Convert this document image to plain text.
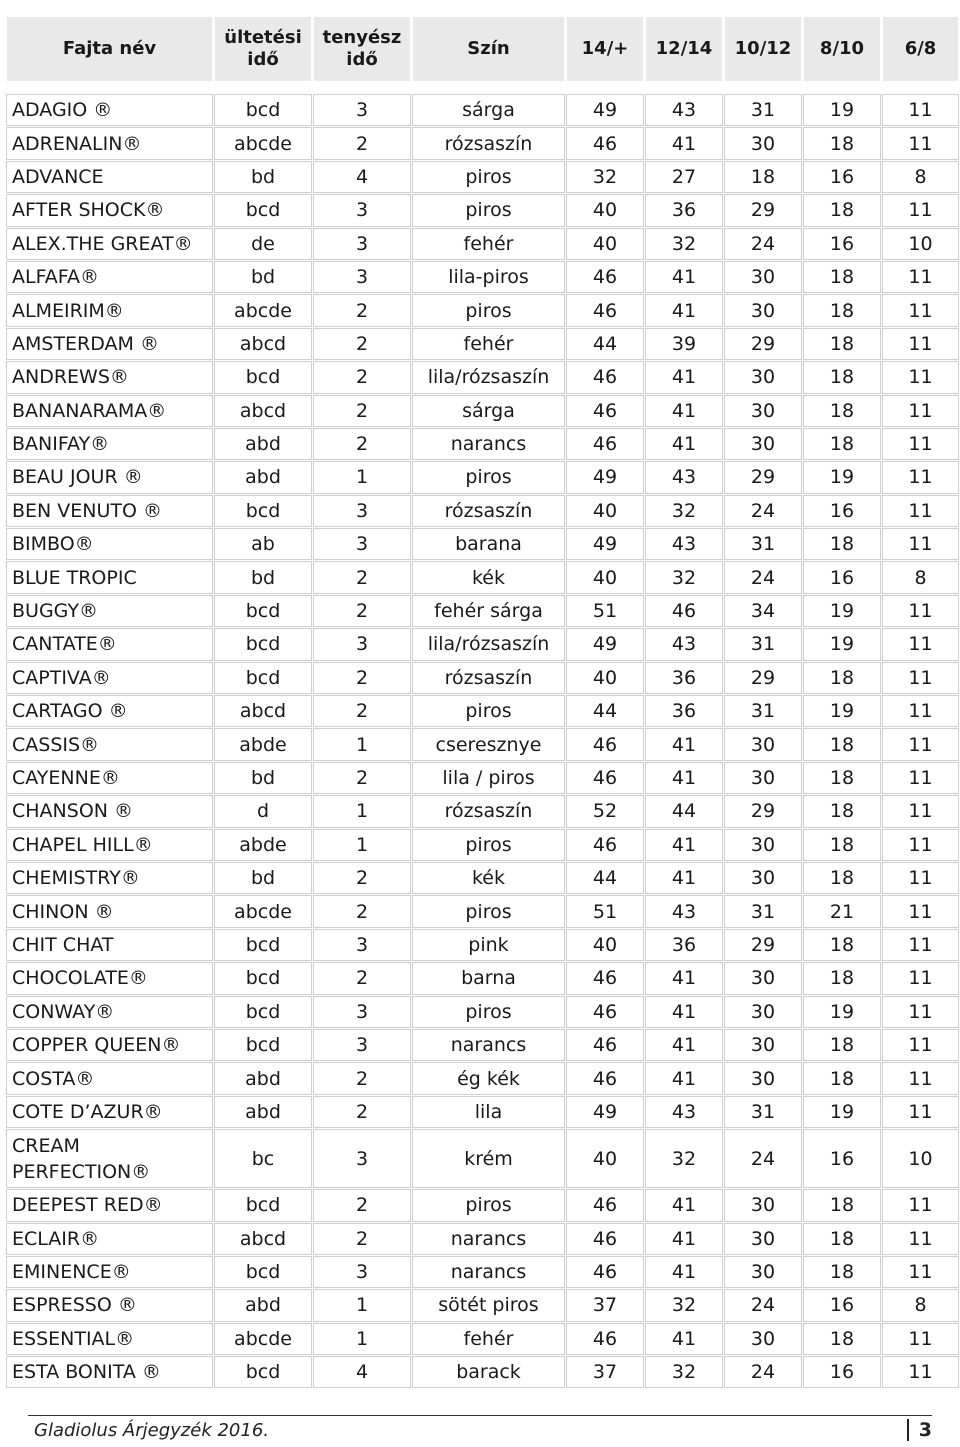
Fajta név	ültetési idő	tenyész idő	Szín	14/+	12/14	10/12	8/10	6/8

ADAGIO ®	bcd	3	sárga	49	43	31	19	11
ADRENALIN®	abcde	2	rózsaszín	46	41	30	18	11
ADVANCE	bd	4	piros	32	27	18	16	8
AFTER SHOCK®	bcd	3	piros	40	36	29	18	11
ALEX.THE GREAT®	de	3	fehér	40	32	24	16	10
ALFAFA®	bd	3	lila-piros	46	41	30	18	11
ALMEIRIM®	abcde	2	piros	46	41	30	18	11
AMSTERDAM ®	abcd	2	fehér	44	39	29	18	11
ANDREWS®	bcd	2	lila/rózsaszín	46	41	30	18	11
BANANARAMA®	abcd	2	sárga	46	41	30	18	11
BANIFAY®	abd	2	narancs	46	41	30	18	11
BEAU JOUR ®	abd	1	piros	49	43	29	19	11
BEN VENUTO ®	bcd	3	rózsaszín	40	32	24	16	11
BIMBO®	ab	3	barana	49	43	31	18	11
BLUE TROPIC	bd	2	kék	40	32	24	16	8
BUGGY®	bcd	2	fehér sárga	51	46	34	19	11
CANTATE®	bcd	3	lila/rózsaszín	49	43	31	19	11
CAPTIVA®	bcd	2	rózsaszín	40	36	29	18	11
CARTAGO ®	abcd	2	piros	44	36	31	19	11
CASSIS®	abde	1	cseresznye	46	41	30	18	11
CAYENNE®	bd	2	lila / piros	46	41	30	18	11
CHANSON ®	d	1	rózsaszín	52	44	29	18	11
CHAPEL HILL®	abde	1	piros	46	41	30	18	11
CHEMISTRY®	bd	2	kék	44	41	30	18	11
CHINON ®	abcde	2	piros	51	43	31	21	11
CHIT CHAT	bcd	3	pink	40	36	29	18	11
CHOCOLATE®	bcd	2	barna	46	41	30	18	11
CONWAY®	bcd	3	piros	46	41	30	19	11
COPPER QUEEN®	bcd	3	narancs	46	41	30	18	11
COSTA®	abd	2	ég kék	46	41	30	18	11
COTE D’AZUR®	abd	2	lila	49	43	31	19	11
CREAM PERFECTION®	bc	3	krém	40	32	24	16	10
DEEPEST RED®	bcd	2	piros	46	41	30	18	11
ECLAIR®	abcd	2	narancs	46	41	30	18	11
EMINENCE®	bcd	3	narancs	46	41	30	18	11
ESPRESSO ®	abd	1	sötét piros	37	32	24	16	8
ESSENTIAL®	abcde	1	fehér	46	41	30	18	11
ESTA BONITA ®	bcd	4	barack	37	32	24	16	11
Gladiolus Árjegyzék 2016.	3
